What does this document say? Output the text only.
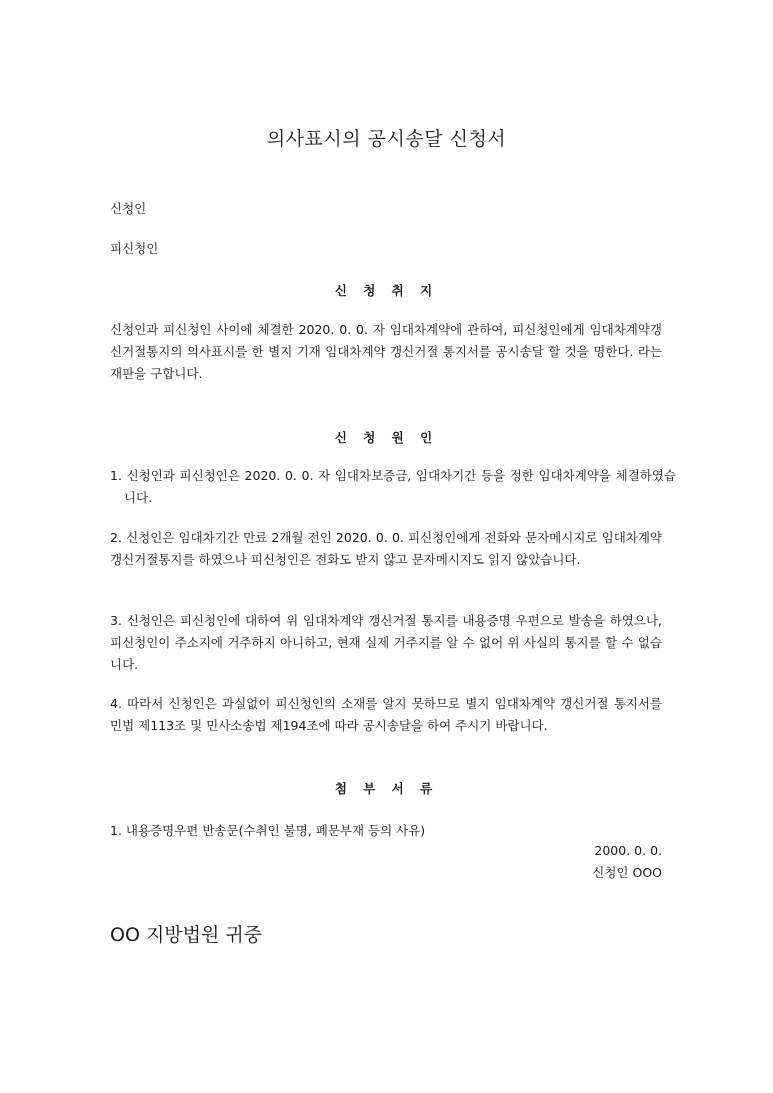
의사표시의 공시송달 신청서
신청인
피신청인
신 청 취 지
신청인과 피신청인 사이에 체결한 2020. 0. 0. 자 임대차계약에 관하여, 피신청인에게 임대차계약갱신거절통지의 의사표시를 한 별지 기재 임대차계약 갱신거절 통지서를 공시송달 할 것을 명한다. 라는 재판을 구합니다.
신 청 원 인
1. 신청인과 피신청인은 2020. 0. 0. 자 임대차보증금, 임대차기간 등을 정한 임대차계약을 체결하였습니다.
2. 신청인은 임대차기간 만료 2개월 전인 2020. 0. 0. 피신청인에게 전화와 문자메시지로 임대차계약 갱신거절통지를 하였으나 피신청인은 전화도 받지 않고 문자메시지도 읽지 않았습니다.
3. 신청인은 피신청인에 대하여 위 임대차계약 갱신거절 통지를 내용증명 우편으로 발송을 하였으나, 피신청인이 주소지에 거주하지 아니하고, 현재 실제 거주지를 알 수 없어 위 사실의 통지를 할 수 없습니다.
4. 따라서 신청인은 과실없이 피신청인의 소재를 알지 못하므로 별지 임대차계약 갱신거절 통지서를 민법 제113조 및 민사소송법 제194조에 따라 공시송달을 하여 주시기 바랍니다.
첨 부 서 류
1. 내용증명우편 반송문(수취인 불명, 폐문부재 등의 사유)
2000. 0. 0.
신청인 OOO
OO 지방법원 귀중
